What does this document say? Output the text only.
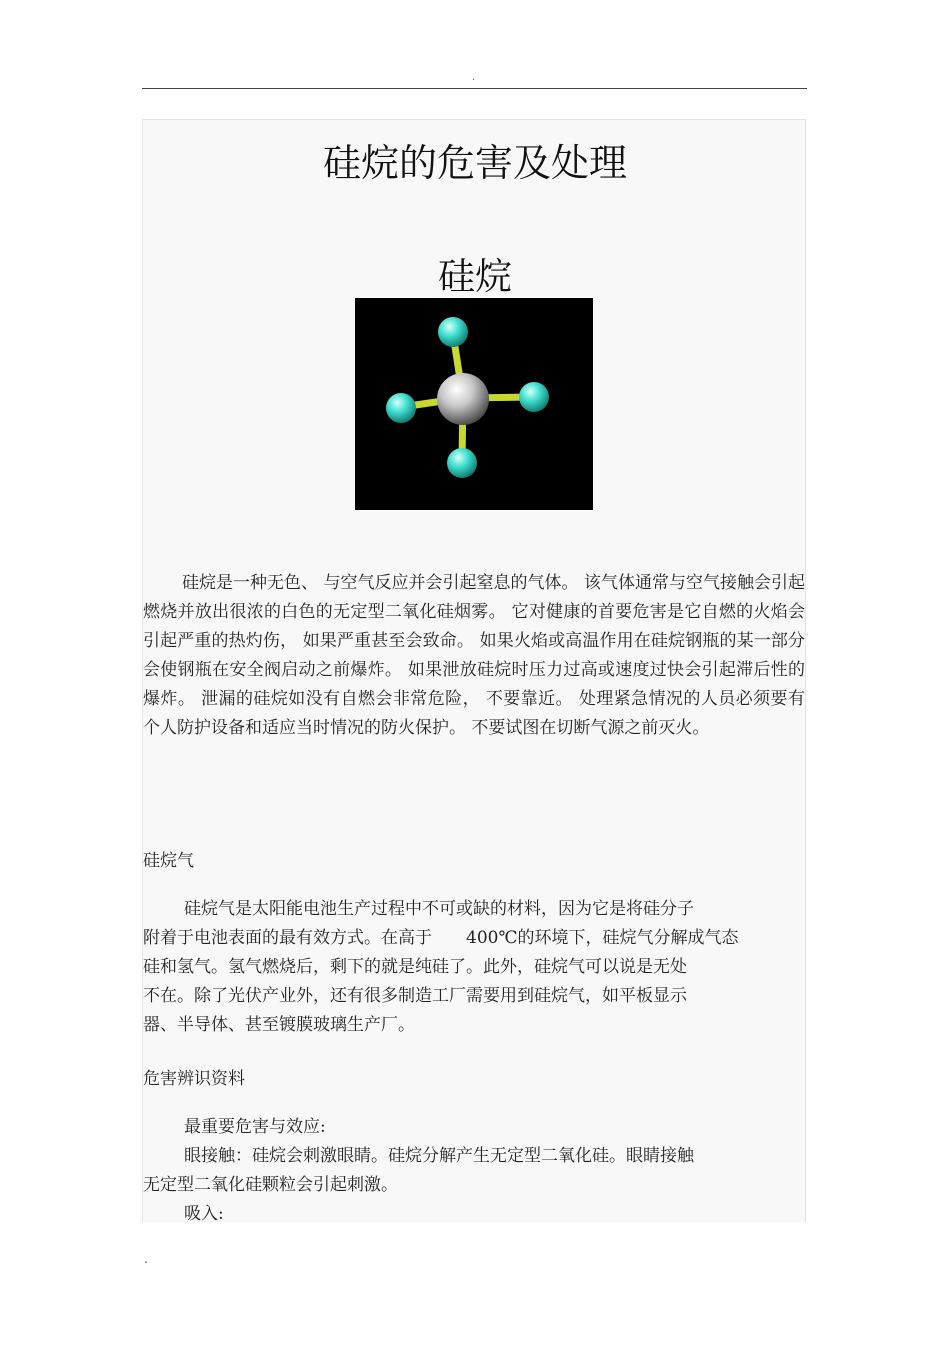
.
硅烷的危害及处理
硅烷

硅烷是一种无色、 与空气反应并会引起窒息的气体。 该气体通常与空气接触会引起燃烧并放出很浓的白色的无定型二氧化硅烟雾。 它对健康的首要危害是它自燃的火焰会引起严重的热灼伤， 如果严重甚至会致命。 如果火焰或高温作用在硅烷钢瓶的某一部分会使钢瓶在安全阀启动之前爆炸。 如果泄放硅烷时压力过高或速度过快会引起滞后性的爆炸。 泄漏的硅烷如没有自燃会非常危险， 不要靠近。 处理紧急情况的人员必须要有个人防护设备和适应当时情况的防火保护。 不要试图在切断气源之前灭火。

硅烷气

硅烷气是太阳能电池生产过程中不可或缺的材料，因为它是将硅分子
附着于电池表面的最有效方式。在高于　　400℃的环境下，硅烷气分解成气态
硅和氢气。氢气燃烧后，剩下的就是纯硅了。此外，硅烷气可以说是无处
不在。除了光伏产业外，还有很多制造工厂需要用到硅烷气，如平板显示
器、半导体、甚至镀膜玻璃生产厂。

危害辨识资料

最重要危害与效应:
眼接触：硅烷会刺激眼睛。硅烷分解产生无定型二氧化硅。眼睛接触
无定型二氧化硅颗粒会引起刺激。
吸入:
.
